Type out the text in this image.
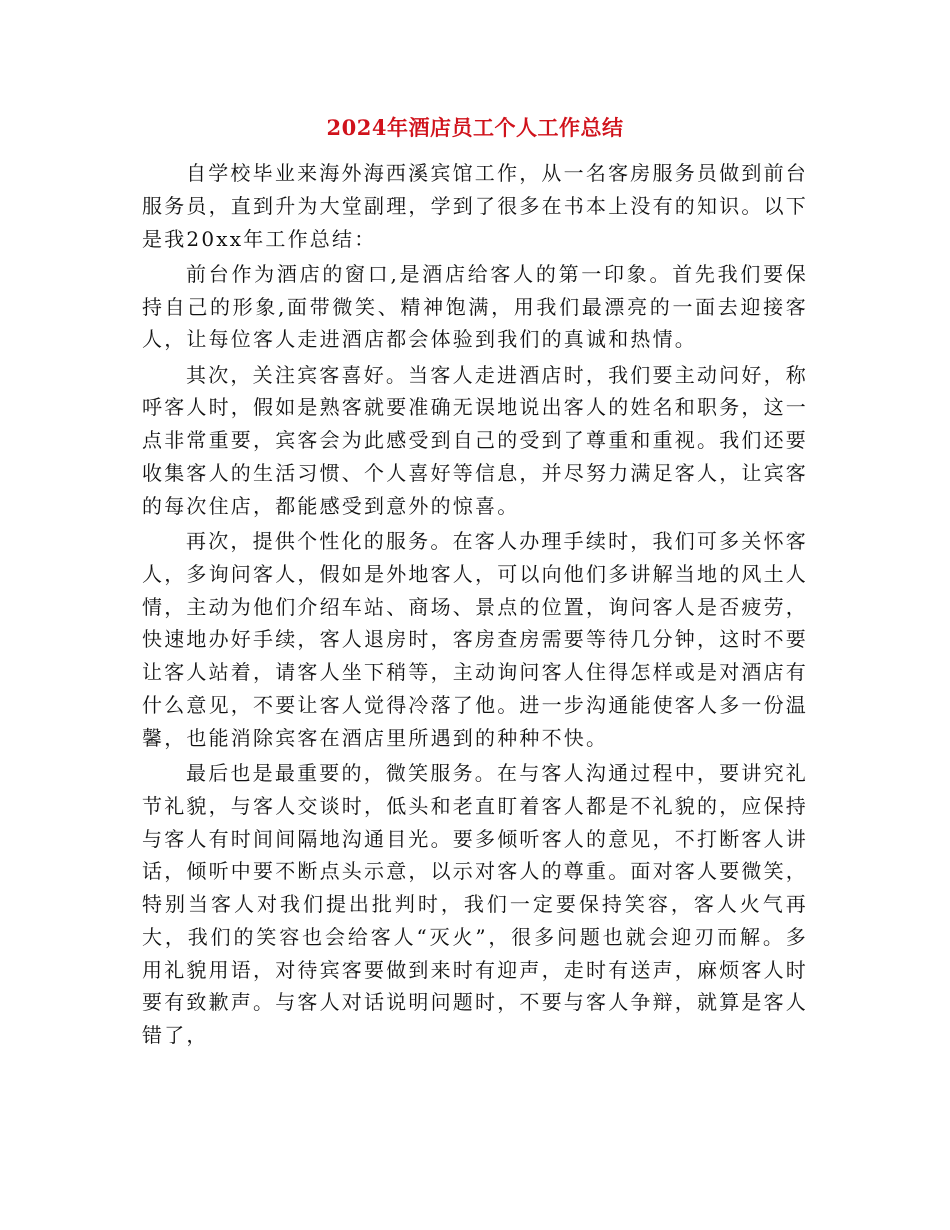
2024年酒店员工个人工作总结

自学校毕业来海外海西溪宾馆工作，从一名客房服务员做到前台服务员，直到升为大堂副理，学到了很多在书本上没有的知识。以下是我20xx年工作总结：

前台作为酒店的窗口,是酒店给客人的第一印象。首先我们要保持自己的形象,面带微笑、精神饱满，用我们最漂亮的一面去迎接客人，让每位客人走进酒店都会体验到我们的真诚和热情。

其次，关注宾客喜好。当客人走进酒店时，我们要主动问好，称呼客人时，假如是熟客就要准确无误地说出客人的姓名和职务，这一点非常重要，宾客会为此感受到自己的受到了尊重和重视。我们还要收集客人的生活习惯、个人喜好等信息，并尽努力满足客人，让宾客的每次住店，都能感受到意外的惊喜。

再次，提供个性化的服务。在客人办理手续时，我们可多关怀客人，多询问客人，假如是外地客人，可以向他们多讲解当地的风土人情，主动为他们介绍车站、商场、景点的位置，询问客人是否疲劳，快速地办好手续，客人退房时，客房查房需要等待几分钟，这时不要让客人站着，请客人坐下稍等，主动询问客人住得怎样或是对酒店有什么意见，不要让客人觉得冷落了他。进一步沟通能使客人多一份温馨，也能消除宾客在酒店里所遇到的种种不快。

最后也是最重要的，微笑服务。在与客人沟通过程中，要讲究礼节礼貌，与客人交谈时，低头和老直盯着客人都是不礼貌的，应保持与客人有时间间隔地沟通目光。要多倾听客人的意见，不打断客人讲话，倾听中要不断点头示意，以示对客人的尊重。面对客人要微笑，特别当客人对我们提出批判时，我们一定要保持笑容，客人火气再大，我们的笑容也会给客人“灭火”，很多问题也就会迎刃而解。多用礼貌用语，对待宾客要做到来时有迎声，走时有送声，麻烦客人时要有致歉声。与客人对话说明问题时，不要与客人争辩，就算是客人错了，
